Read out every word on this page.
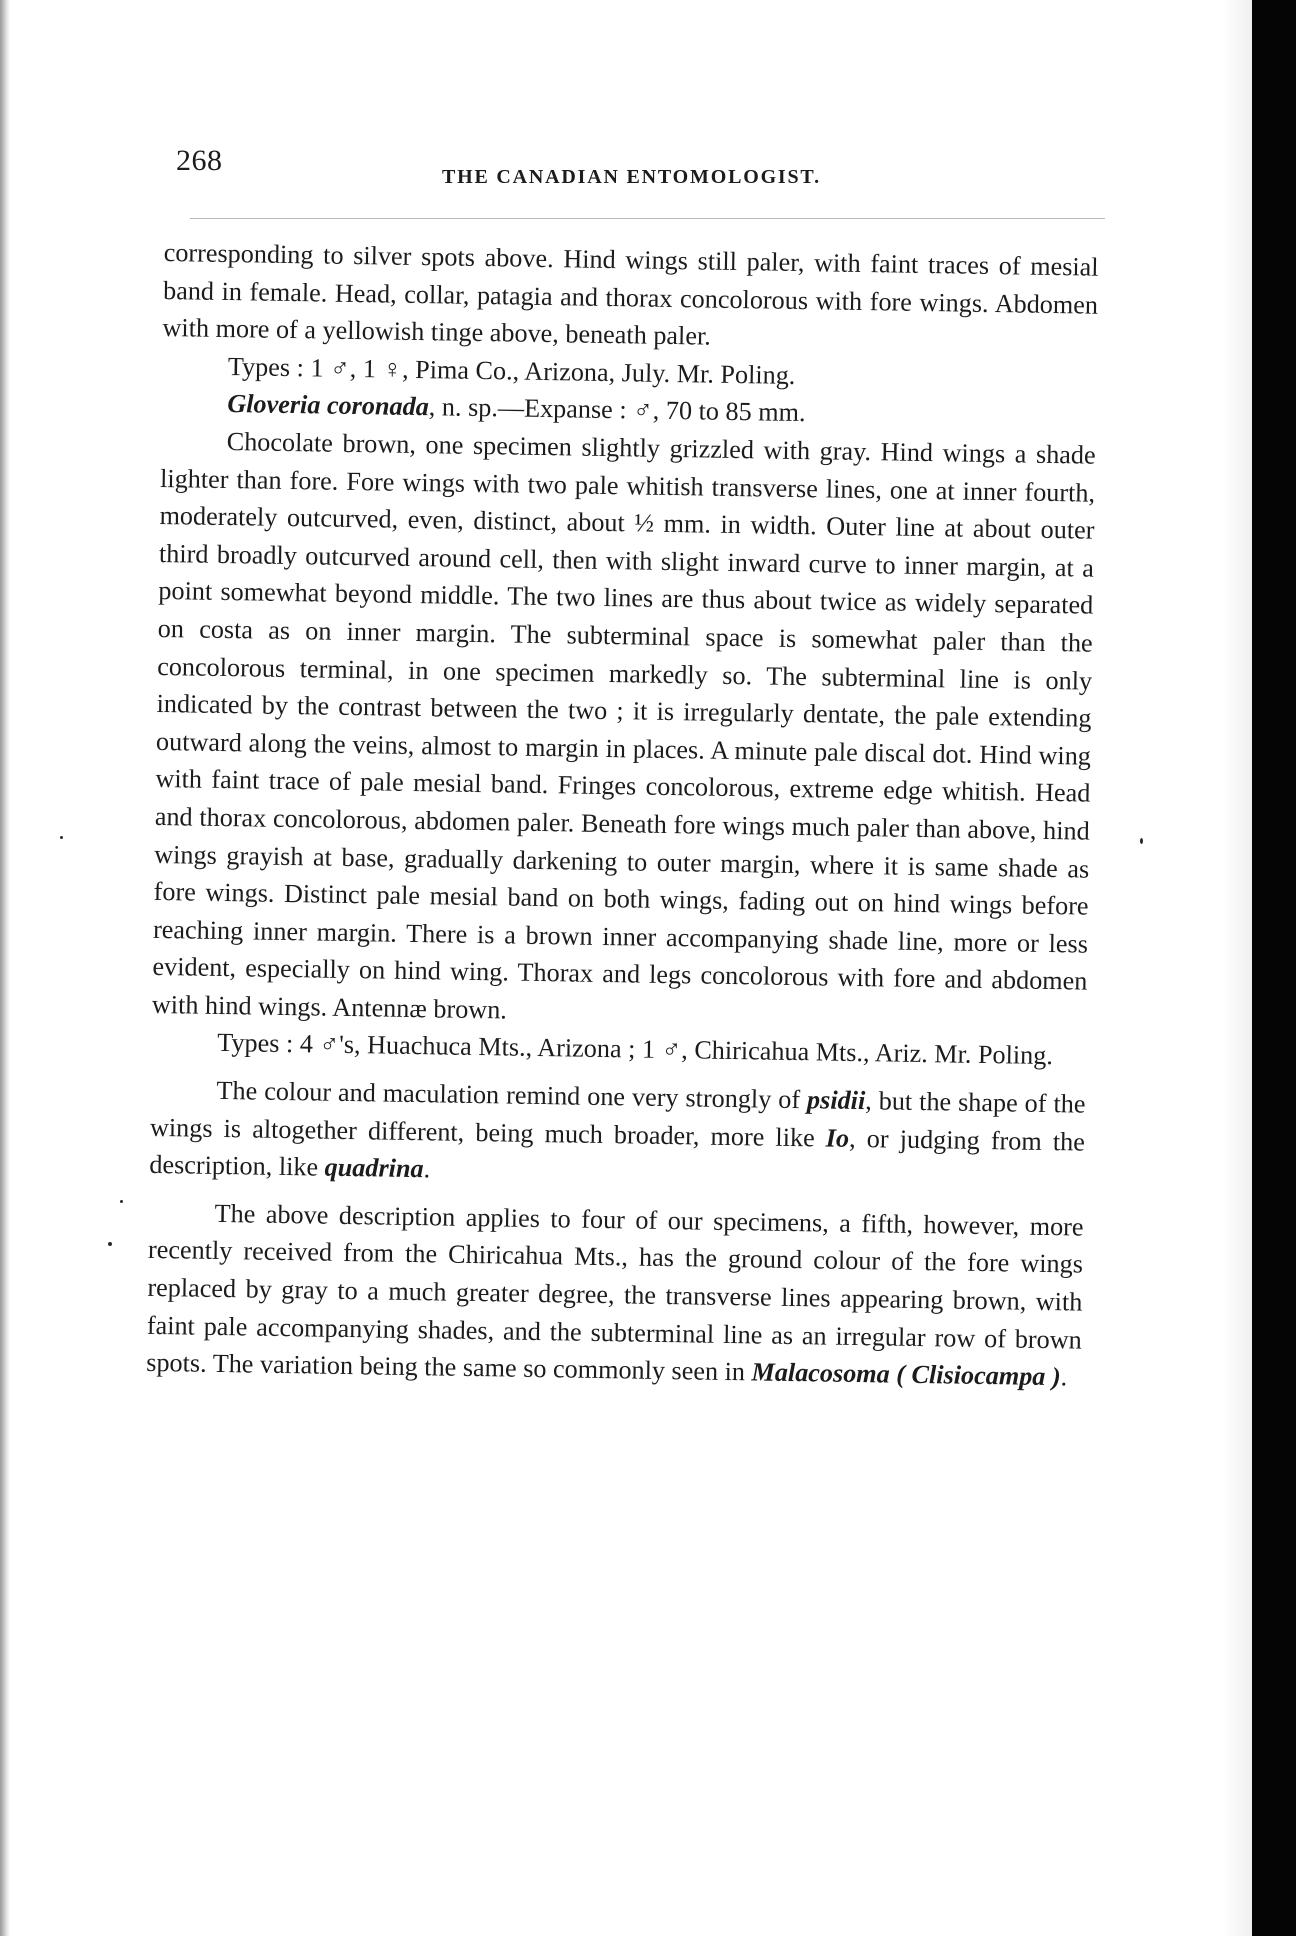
268	THE CANADIAN ENTOMOLOGIST.

corresponding to silver spots above. Hind wings still paler, with faint traces of mesial band in female. Head, collar, patagia and thorax concolorous with fore wings. Abdomen with more of a yellowish tinge above, beneath paler.

Types : 1 ♂, 1 ♀, Pima Co., Arizona, July. Mr. Poling.

Gloveria coronada, n. sp.—Expanse : ♂, 70 to 85 mm.

Chocolate brown, one specimen slightly grizzled with gray. Hind wings a shade lighter than fore. Fore wings with two pale whitish transverse lines, one at inner fourth, moderately outcurved, even, distinct, about ½ mm. in width. Outer line at about outer third broadly outcurved around cell, then with slight inward curve to inner margin, at a point somewhat beyond middle. The two lines are thus about twice as widely separated on costa as on inner margin. The subterminal space is somewhat paler than the concolorous terminal, in one specimen markedly so. The subterminal line is only indicated by the contrast between the two ; it is irregularly dentate, the pale extending outward along the veins, almost to margin in places. A minute pale discal dot. Hind wing with faint trace of pale mesial band. Fringes concolorous, extreme edge whitish. Head and thorax concolorous, abdomen paler. Beneath fore wings much paler than above, hind wings grayish at base, gradually darkening to outer margin, where it is same shade as fore wings. Distinct pale mesial band on both wings, fading out on hind wings before reaching inner margin. There is a brown inner accompanying shade line, more or less evident, especially on hind wing. Thorax and legs concolorous with fore and abdomen with hind wings. Antennæ brown.

Types : 4 ♂'s, Huachuca Mts., Arizona ; 1 ♂, Chiricahua Mts., Ariz. Mr. Poling.

The colour and maculation remind one very strongly of psidii, but the shape of the wings is altogether different, being much broader, more like Io, or judging from the description, like quadrina.

The above description applies to four of our specimens, a fifth, however, more recently received from the Chiricahua Mts., has the ground colour of the fore wings replaced by gray to a much greater degree, the transverse lines appearing brown, with faint pale accompanying shades, and the subterminal line as an irregular row of brown spots. The variation being the same so commonly seen in Malacosoma ( Clisiocampa ).
